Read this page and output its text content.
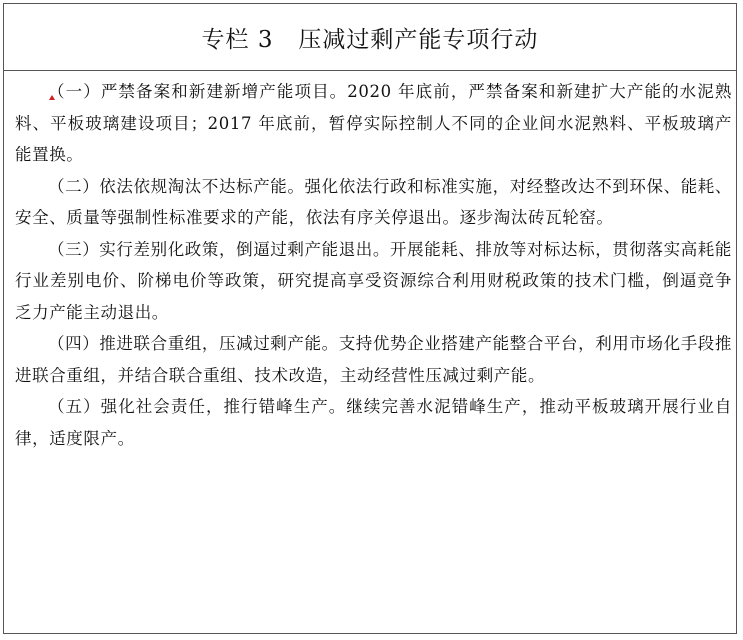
专栏 3   压减过剩产能专项行动

（一）严禁备案和新建新增产能项目。2020 年底前，严禁备案和新建扩大产能的水泥熟料、平板玻璃建设项目；2017 年底前，暂停实际控制人不同的企业间水泥熟料、平板玻璃产能置换。

（二）依法依规淘汰不达标产能。强化依法行政和标准实施，对经整改达不到环保、能耗、安全、质量等强制性标准要求的产能，依法有序关停退出。逐步淘汰砖瓦轮窑。

（三）实行差别化政策，倒逼过剩产能退出。开展能耗、排放等对标达标，贯彻落实高耗能行业差别电价、阶梯电价等政策，研究提高享受资源综合利用财税政策的技术门槛，倒逼竞争乏力产能主动退出。

（四）推进联合重组，压减过剩产能。支持优势企业搭建产能整合平台，利用市场化手段推进联合重组，并结合联合重组、技术改造，主动经营性压减过剩产能。

（五）强化社会责任，推行错峰生产。继续完善水泥错峰生产，推动平板玻璃开展行业自律，适度限产。
